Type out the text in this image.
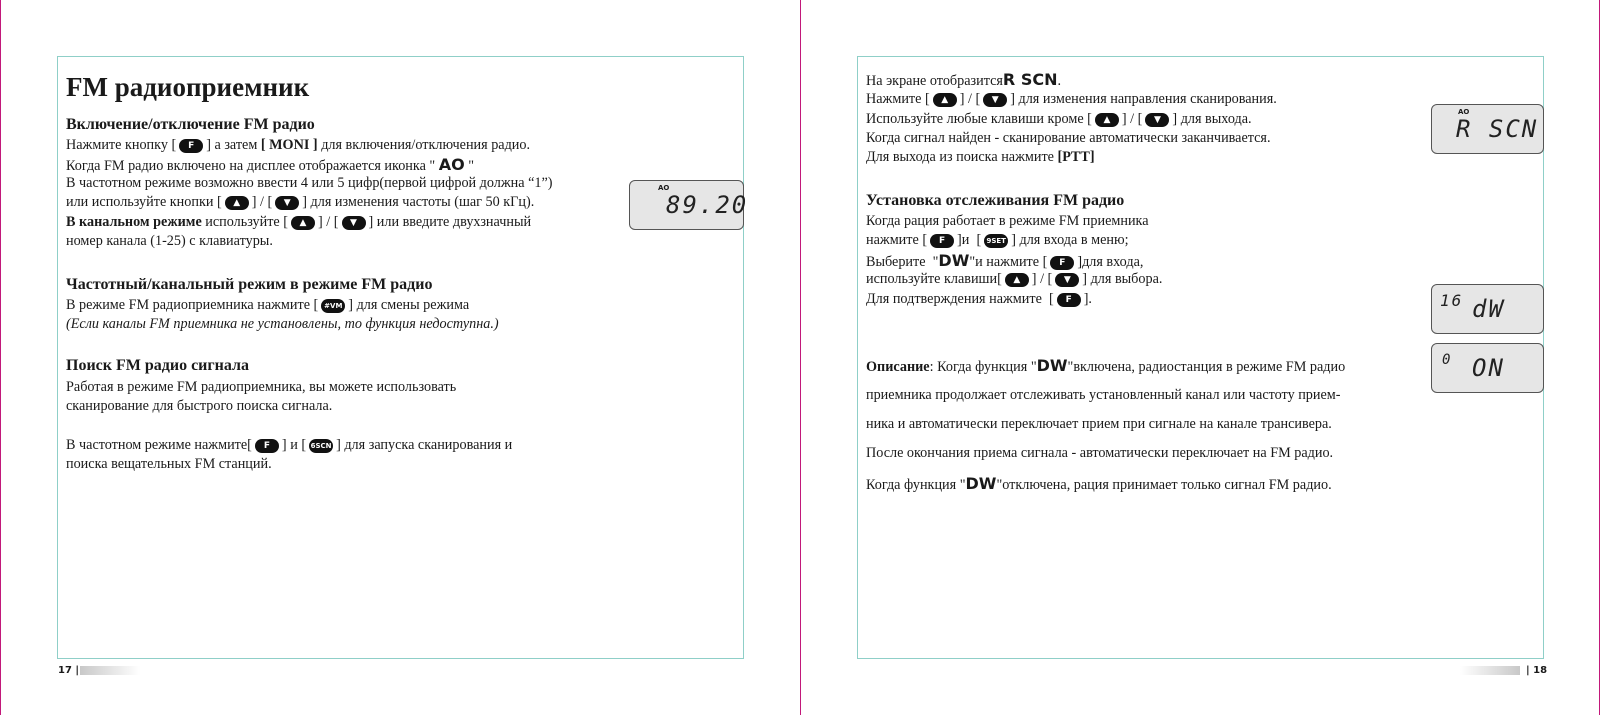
FM радиоприемник
Включение/отключение FM радио
Нажмите кнопку [ F ] а затем [ MONI ] для включения/отключения радио.
Когда FM радио включено на дисплее отображается иконка " AO "
В частотном режиме возможно ввести 4 или 5 цифр(первой цифрой должна “1”)
или используйте кнопки [ ▲ ] / [ ▼ ] для изменения частоты (шаг 50 кГц).
В канальном режиме используйте [ ▲ ] / [ ▼ ] или введите двухзначный
номер канала (1-25) с клавиатуры.
AO
89.20
Частотный/канальный режим в режиме FM радио
В режиме FM радиоприемника нажмите [ #VM ] для смены режима
(Если каналы FM приемника не установлены, то функция недоступна.)
Поиск FM радио сигнала
Работая в режиме FM радиоприемника, вы можете использовать
сканирование для быстрого поиска сигнала.
В частотном режиме нажмите[ F ] и [ 6SCN ] для запуска сканирования и
поиска вещательных FM станций.
17 |
На экране отобразитсяR SCN.
Нажмите [ ▲ ] / [ ▼ ] для изменения направления сканирования.
Используйте любые клавиши кроме [ ▲ ] / [ ▼ ] для выхода.
Когда сигнал найден - сканирование автоматически заканчивается.
Для выхода из поиска нажмите [PTT]
AO
R SCN
Установка отслеживания FM радио
Когда рация работает в режиме FM приемника
нажмите [ F ]и  [ 9SET ] для входа в меню;
Выберите  "DW"и нажмите [ F ]для входа,
используйте клавиши[ ▲ ] / [ ▼ ] для выбора.
Для подтверждения нажмите  [ F ].	16 dW
0 ON
Описание: Когда функция "DW"включена, радиостанция в режиме FM радио
приемника продолжает отслеживать установленный канал или частоту прием-
ника и автоматически переключает прием при сигнале на канале трансивера.
После окончания приема сигнала - автоматически переключает на FM радио.
Когда функция "DW"отключена, рация принимает только сигнал FM радио.
| 18
